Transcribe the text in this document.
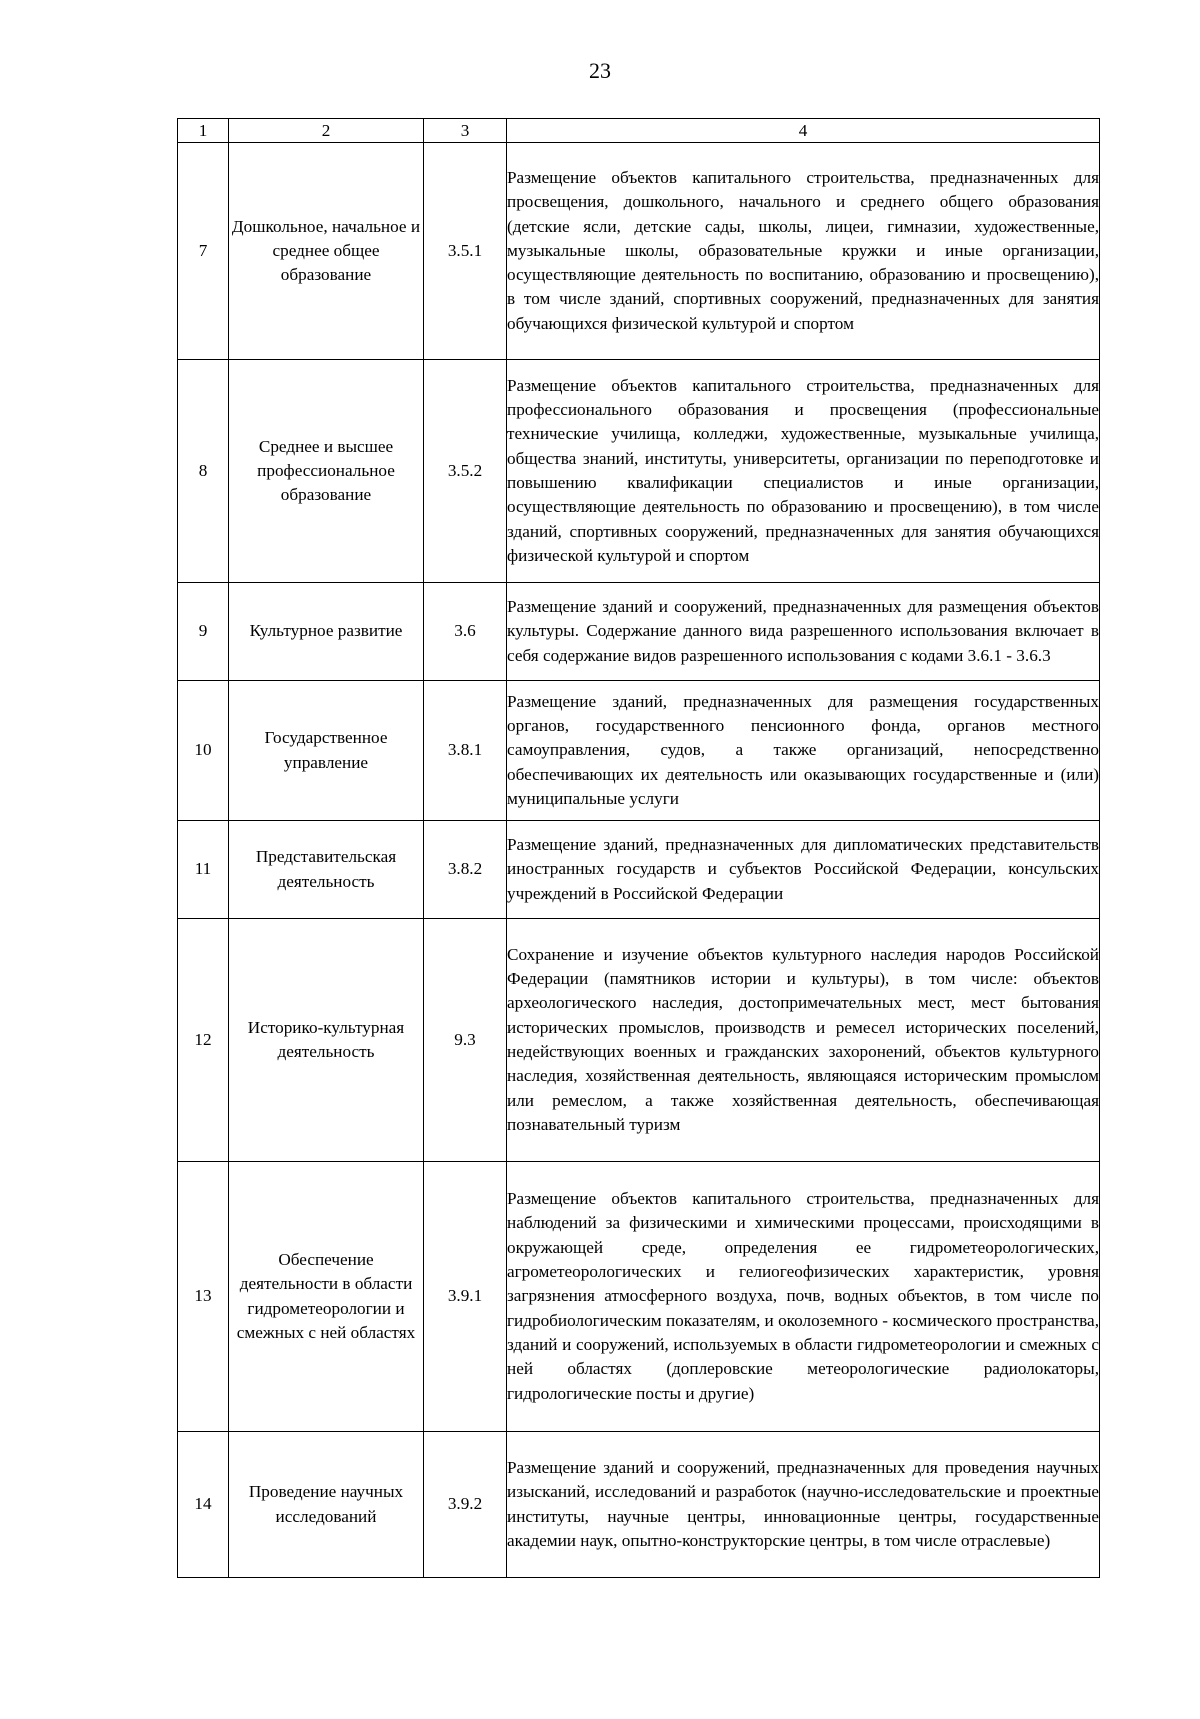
23
1	2	3	4
7	Дошкольное, начальное и среднее общее образование	3.5.1	Размещение объектов капитального строительства, предназначенных для просвещения, дошкольного, начального и среднего общего образования (детские ясли, детские сады, школы, лицеи, гимназии, художественные, музыкальные школы, образовательные кружки и иные организации, осуществляющие деятельность по воспитанию, образованию и просвещению), в том числе зданий, спортивных сооружений, предназначенных для занятия обучающихся физической культурой и спортом
8	Среднее и высшее профессиональное образование	3.5.2	Размещение объектов капитального строительства, предназначенных для профессионального образования и просвещения (профессиональные технические училища, колледжи, художественные, музыкальные училища, общества знаний, институты, университеты, организации по переподготовке и повышению квалификации специалистов и иные организации, осуществляющие деятельность по образованию и просвещению), в том числе зданий, спортивных сооружений, предназначенных для занятия обучающихся физической культурой и спортом
9	Культурное развитие	3.6	Размещение зданий и сооружений, предназначенных для размещения объектов культуры. Содержание данного вида разрешенного использования включает в себя содержание видов разрешенного использования с кодами 3.6.1 - 3.6.3
10	Государственное управление	3.8.1	Размещение зданий, предназначенных для размещения государственных органов, государственного пенсионного фонда, органов местного самоуправления, судов, а также организаций, непосредственно обеспечивающих их деятельность или оказывающих государственные и (или) муниципальные услуги
11	Представительская деятельность	3.8.2	Размещение зданий, предназначенных для дипломатических представительств иностранных государств и субъектов Российской Федерации, консульских учреждений в Российской Федерации
12	Историко-культурная деятельность	9.3	Сохранение и изучение объектов культурного наследия народов Российской Федерации (памятников истории и культуры), в том числе: объектов археологического наследия, достопримечательных мест, мест бытования исторических промыслов, производств и ремесел исторических поселений, недействующих военных и гражданских захоронений, объектов культурного наследия, хозяйственная деятельность, являющаяся историческим промыслом или ремеслом, а также хозяйственная деятельность, обеспечивающая познавательный туризм
13	Обеспечение деятельности в области гидрометеорологии и смежных с ней областях	3.9.1	Размещение объектов капитального строительства, предназначенных для наблюдений за физическими и химическими процессами, происходящими в окружающей среде, определения ее гидрометеорологических, агрометеорологических и гелиогеофизических характеристик, уровня загрязнения атмосферного воздуха, почв, водных объектов, в том числе по гидробиологическим показателям, и околоземного - космического пространства, зданий и сооружений, используемых в области гидрометеорологии и смежных с ней областях (доплеровские метеорологические радиолокаторы, гидрологические посты и другие)
14	Проведение научных исследований	3.9.2	Размещение зданий и сооружений, предназначенных для проведения научных изысканий, исследований и разработок (научно-исследовательские и проектные институты, научные центры, инновационные центры, государственные академии наук, опытно-конструкторские центры, в том числе отраслевые)
